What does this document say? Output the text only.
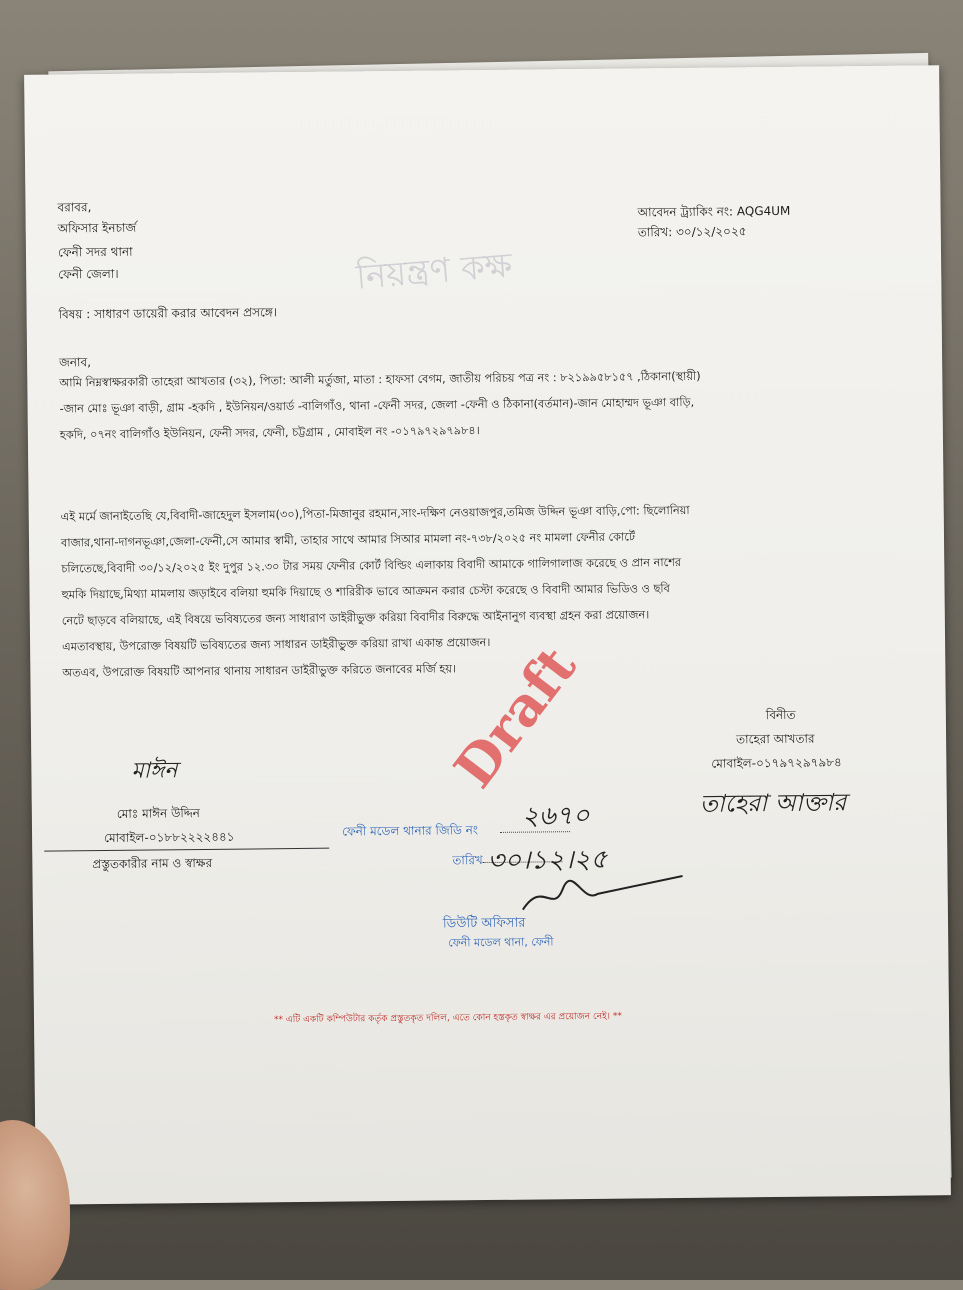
নিয়ন্ত্রণ কক্ষ
বরাবর,
অফিসার ইনচার্জ
ফেনী সদর থানা
ফেনী জেলা।
আবেদন ট্র্যাকিং নং: AQG4UM
তারিখ: ৩০/১২/২০২৫
বিষয় : সাধারণ ডায়েরী করার আবেদন প্রসঙ্গে।
জনাব,
আমি নিম্নস্বাক্ষরকারী তাহেরা আখতার (৩২), পিতা: আলী মর্তুজা, মাতা : হাফসা বেগম, জাতীয় পরিচয় পত্র নং : ৮২১৯৯৫৮১৫৭ ,ঠিকানা(স্থায়ী)
-জান মোঃ ভূঞা বাড়ী, গ্রাম -হকদি , ইউনিয়ন/ওয়ার্ড -বালিগাঁও, থানা -ফেনী সদর, জেলা -ফেনী ও ঠিকানা(বর্তমান)-জান মোহাম্মদ ভূঞা বাড়ি,
হকদি, ০৭নং বালিগাঁও ইউনিয়ন, ফেনী সদর, ফেনী, চট্টগ্রাম , মোবাইল নং -০১৭৯৭২৯৭৯৮৪।
এই মর্মে জানাইতেছি যে,বিবাদী-জাহেদুল ইসলাম(৩০),পিতা-মিজানুর রহমান,সাং-দক্ষিণ নেওয়াজপুর,তমিজ উদ্দিন ভূঞা বাড়ি,পো: ছিলোনিয়া
বাজার,থানা-দাগনভূঞা,জেলা-ফেনী,সে আমার স্বামী, তাহার সাথে আমার সিআর মামলা নং-৭৩৮/২০২৫ নং মামলা ফেনীর কোর্টে
চলিতেছে,বিবাদী ৩০/১২/২০২৫ ইং দুপুর ১২.৩০ টার সময় ফেনীর কোর্ট বিল্ডিং এলাকায় বিবাদী আমাকে গালিগালাজ করেছে ও প্রান নাশের
হুমকি দিয়াছে,মিথ্যা মামলায় জড়াইবে বলিয়া হুমকি দিয়াছে ও শারিরীক ভাবে আক্রমন করার চেস্টা করেছে ও বিবাদী আমার ভিডিও ও ছবি
নেটে ছাড়বে বলিয়াছে, এই বিষয়ে ভবিষ্যতের জন্য সাধারাণ ডাইরীভুক্ত করিয়া বিবাদীর বিরুদ্ধে আইনানুগ ব্যবস্থা গ্রহন করা প্রয়োজন।
এমতাবস্থায়, উপরোক্ত বিষয়টি ভবিষ্যতের জন্য সাধারন ডাইরীভুক্ত করিয়া রাখা একান্ত প্রয়োজন।
অতএব, উপরোক্ত বিষয়টি আপনার থানায় সাধারন ডাইরীভুক্ত করিতে জনাবের মর্জি হয়।
Draft	বিনীত
তাহেরা আখতার
মোবাইল-০১৭৯৭২৯৭৯৮৪
তাহেরা আক্তার
মাঈন
মোঃ মাঈন উদ্দিন
মোবাইল-০১৮৮২২২২৪৪১
প্রস্তুতকারীর নাম ও স্বাক্ষর
ফেনী মডেল থানার জিডি নং ২৬৭০
তারিখ ৩০।১২।২৫
ডিউটি অফিসার
ফেনী মডেল থানা, ফেনী
** এটি একটি কম্পিউটার কর্তৃক প্রস্তুতকৃত দলিল, এতে কোন হস্তকৃত স্বাক্ষর এর প্রয়োজন নেই। **
